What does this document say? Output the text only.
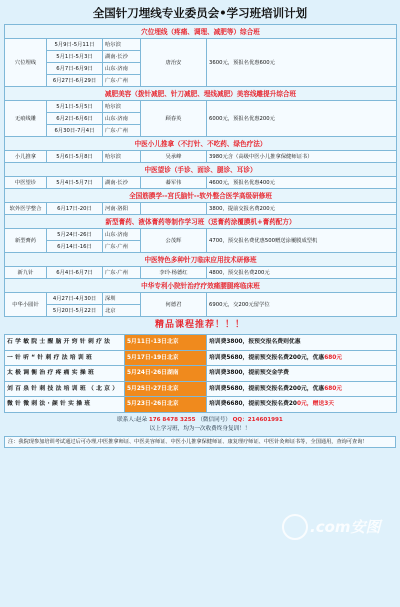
全国针刀埋线专业委员会•学习班培训计划
穴位埋线（疼痛、调理、减肥等）综合班				
穴位埋线	5月9日-5月11日	哈尔滨	唐治安	3600元，预报名优惠600元
	5月1日-5月3日	湖南·长沙		
	6月7日-6月9日	山东·济南		
	6月27日-6月29日	广东·广州		
减肥美容（拨针减肥、针刀减肥、埋线减肥）美容线雕提升综合班				
无痕线雕	5月1日-5月5日	哈尔滨	顾春英	6000元，预报名优惠200元
	6月2日-6月6日	山东·济南		
	6月30日-7月4日	广东·广州		
中医小儿推拿（不打针、不吃药、绿色疗法）				
小儿推拿	5月6日-5月8日	哈尔滨	吴承峰	3980元含（高级中医小儿推拿保健师证书）
中医望诊（手诊、面诊、腿诊、耳诊）				
中医望诊	5月4日-5月7日	湖南·长沙	綦军伟	4600元，预报名优惠400元
全国筋膜学--宫氏脑针--软外整合医学高级研修班				
软外医学整合	6月17日-20日	河南·洛阳		3800，提前交报名费200元
新型膏药、液体膏药等制作学习班（送膏药涂覆膜机+膏药配方）				
新型膏药	5月24日-26日	山东·济南	公茂辉	4700，预交报名费优惠500赠送涂覆膜成型机
	6月14日-16日	广东·广州		
中医特色多种针刀临床应用技术研修班				
新九针	6月4日-6月7日	广东·广州	李玲·杨德红	4800，预交报名费200元
中华专利小院针治疗疗效痛腰腿疼临床班				
中华小圆针	4月27日-4月30日	深圳	何德君	6900元，交200元留学位
	5月20日-5月22日	北京		
精品课程推荐！！！
石学敏院士醒脑开窍针刺疗法	5月11日-13日北京	培训费3800，报预交报名费则优惠
一针听“针刺疗法培训班	5月17日-19日北京	培训费5680，提前预交报名费200元，优惠680元
太极调衡治疗疼痛实操班	5月24日-26日湖南	培训费3800，提前预交金学费
刘百泉针刺技法培训班（北京）	5月25日-27日北京	培训费5680，提前预交报名费200元，优惠680元
微针微刺法·颜针实操班	5月23日-26日北京	培训费6680，提前预交报名费200元，赠送3天
联系人:赵朵 176 8478 3255 （微信同号） QQ：214601991
以上学习班，均为一次收费终身复训！！
注：我院现参加培训考试通过后可办理,中医推拿师证、中医美容师证、中医小儿推拿保健师证、康复理疗师证、中医针灸师证书等，全国通用，查询可查询！
.com安图
